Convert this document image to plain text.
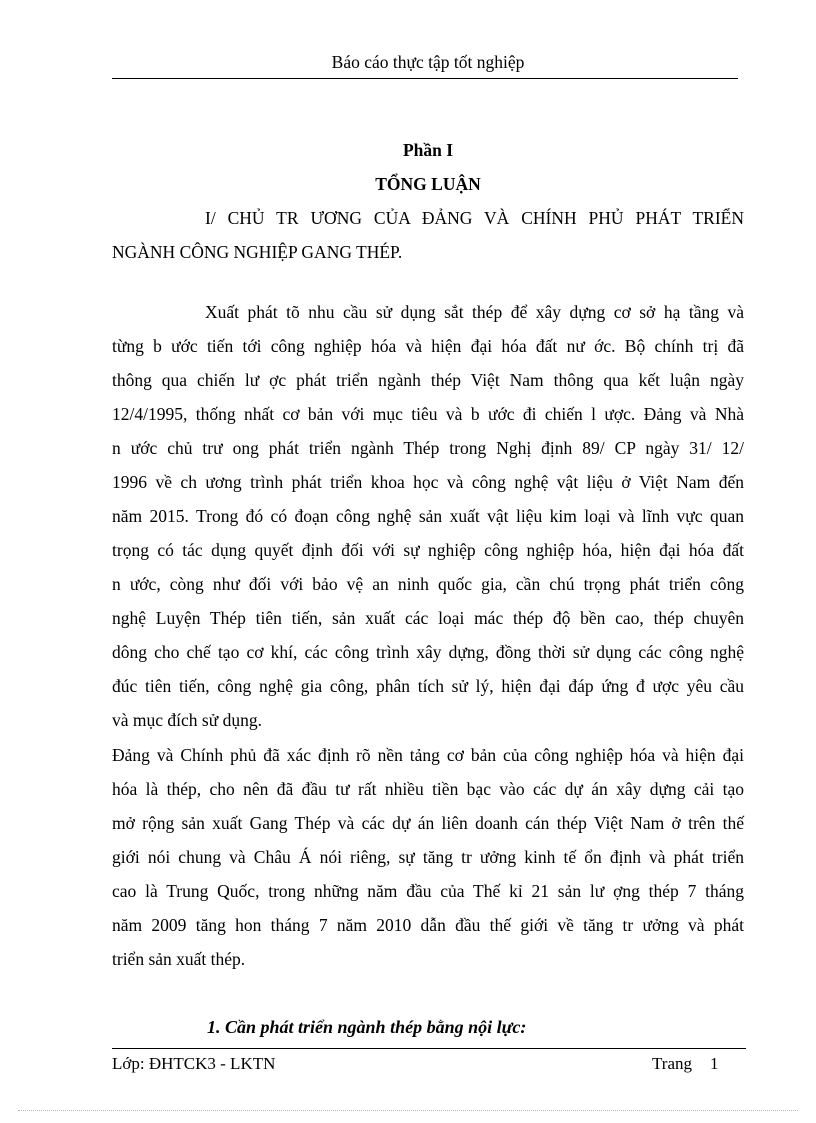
Báo cáo thực tập tốt nghiệp
Phần I
TỔNG LUẬN
I/ CHỦ TR ƯƠNG CỦA ĐẢNG VÀ CHÍNH PHỦ PHÁT TRIỂN
NGÀNH CÔNG NGHIỆP GANG THÉP.
Xuất phát tõ nhu cầu sử dụng sắt thép để xây dựng cơ sở hạ tầng và
từng b ước tiến tới công nghiệp hóa và hiện đại hóa đất nư ớc. Bộ chính trị đã
thông qua chiến lư ợc phát triển ngành thép Việt Nam thông qua kết luận ngày
12/4/1995, thống nhất cơ bản với mục tiêu và b ước đi chiến l ược. Đảng và Nhà
n ước chủ trư ong phát triển ngành Thép trong Nghị định 89/ CP ngày 31/ 12/
1996 về ch ương trình phát triển khoa học và công nghệ vật liệu ở Việt Nam đến
năm 2015. Trong đó có đoạn công nghệ sản xuất vật liệu kim loại và lĩnh vực quan
trọng có tác dụng quyết định đối với sự nghiệp công nghiệp hóa, hiện đại hóa đất
n ước, còng như đối với bảo vệ an ninh quốc gia, cần chú trọng phát triển công
nghệ Luyện Thép tiên tiến, sản xuất các loại mác thép độ bền cao, thép chuyên
dông cho chế tạo cơ khí, các công trình xây dựng, đồng thời sử dụng các công nghệ
đúc tiên tiến, công nghệ gia công, phân tích sử lý, hiện đại đáp ứng đ ược yêu cầu
và mục đích sử dụng.
Đảng và Chính phủ đã xác định rõ nền tảng cơ bản của công nghiệp hóa và hiện đại
hóa là thép, cho nên đã đầu tư rất nhiều tiền bạc vào các dự án xây dựng cải tạo
mở rộng sản xuất Gang Thép và các dự án liên doanh cán thép Việt Nam ở trên thế
giới nói chung và Châu Á nói riêng, sự tăng tr ưởng kinh tế ổn định và phát triển
cao là Trung Quốc, trong những năm đầu của Thế kỉ 21 sản lư ợng thép 7 tháng
năm 2009 tăng hon tháng 7 năm 2010 dẫn đầu thế giới về tăng tr ưởng và phát
triển sản xuất thép.
1. Cần phát triển ngành thép bằng nội lực:
Lớp: ĐHTCK3 - LKTN	Trang 1
